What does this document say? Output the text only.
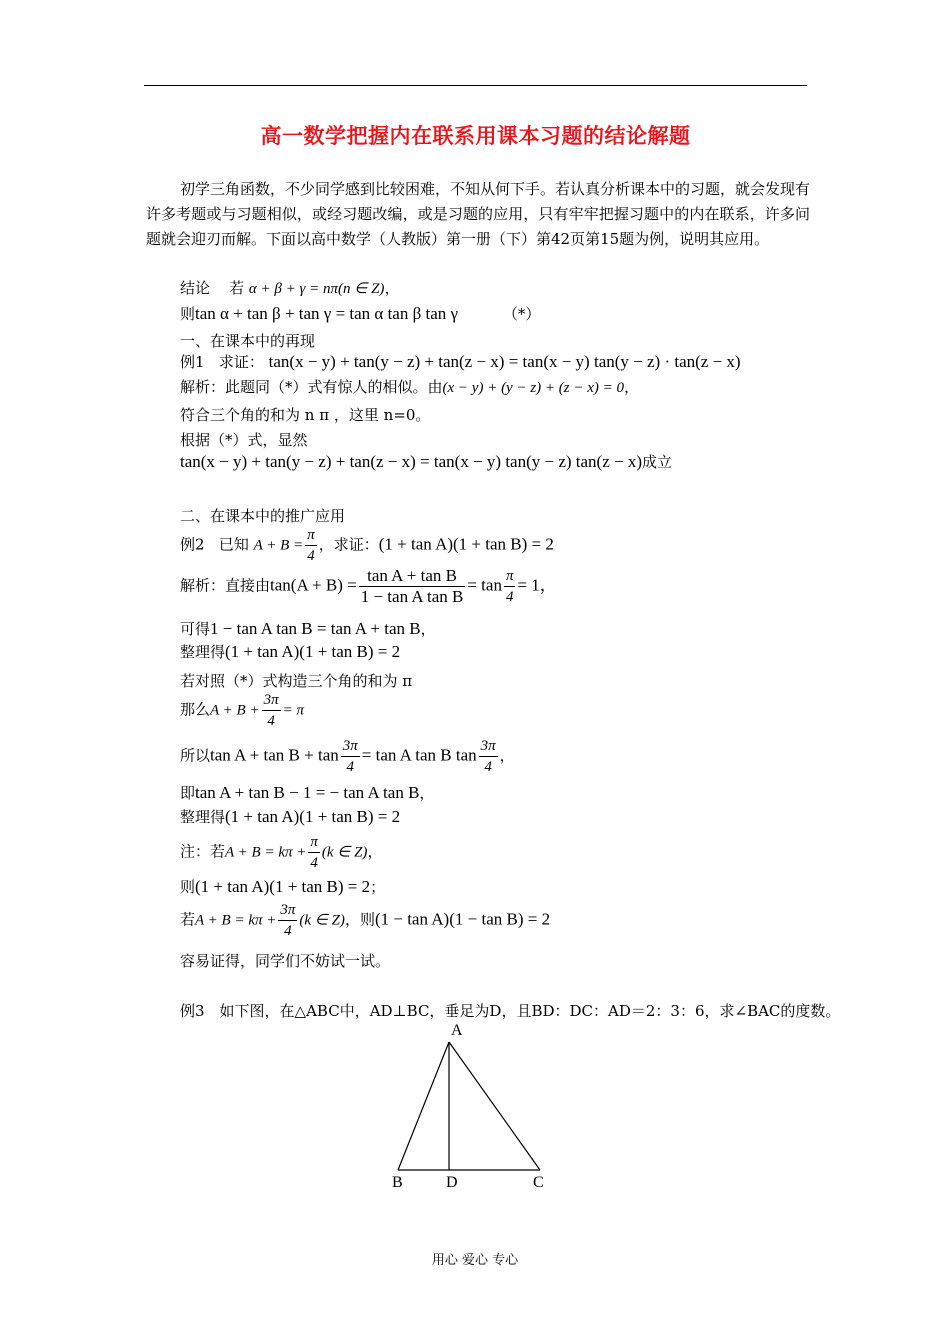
高一数学把握内在联系用课本习题的结论解题
初学三角函数，不少同学感到比较困难，不知从何下手。若认真分析课本中的习题，就会发现有许多考题或与习题相似，或经习题改编，或是习题的应用，只有牢牢把握习题中的内在联系，许多问题就会迎刃而解。下面以高中数学（人教版）第一册（下）第42页第15题为例，说明其应用。
结论 若 α + β + γ = nπ(n ∈ Z)，
则tan α + tan β + tan γ = tan α tan β tan γ	（*）
一、在课本中的再现
例1 求证： tan(x − y) + tan(y − z) + tan(z − x) = tan(x − y) tan(y − z) · tan(z − x)
解析：此题同（*）式有惊人的相似。由(x − y) + (y − z) + (z − x) = 0，
符合三个角的和为 n π ，这里 n=0。
根据（*）式，显然
tan(x − y) + tan(y − z) + tan(z − x) = tan(x − y) tan(y − z) tan(z − x)成立
二、在课本中的推广应用
例2 已知 $A + B = \frac{\pi}{4}$ ，求证：(1 + tan A)(1 + tan B) = 2
解析：直接由$\tan(A + B) = \frac{\text{tan A + tan B}}{\text{1 − tan A tan B}} = \tan \frac{\pi}{4} = 1$，
可得1 − tan A tan B = tan A + tan B，
整理得(1 + tan A)(1 + tan B) = 2
若对照（*）式构造三个角的和为 π
那么$A + B + \frac{3\pi}{4} = \pi$
所以$\tan A + \tan B + \tan \frac{3\pi}{4} = \tan A$ tan B $\tan \frac{3\pi}{4}$ ，
即tan A + tan B − 1 = − tan A tan B，
整理得(1 + tan A)(1 + tan B) = 2
注：若$A + B = k\pi + \frac{\pi}{4} (k$ ∈ Z)，
则(1 + tan A)(1 + tan B) = 2；
若$A + B = k\pi + \frac{3\pi}{4} (k$ ∈ Z)，则(1 − tan A)(1 − tan B) = 2
容易证得，同学们不妨试一试。
例3　如下图，在△ABC中，AD⊥BC，垂足为D，且BD：DC：AD＝2：3：6，求∠BAC的度数。
A
B	D	C
用心 爱心 专心
